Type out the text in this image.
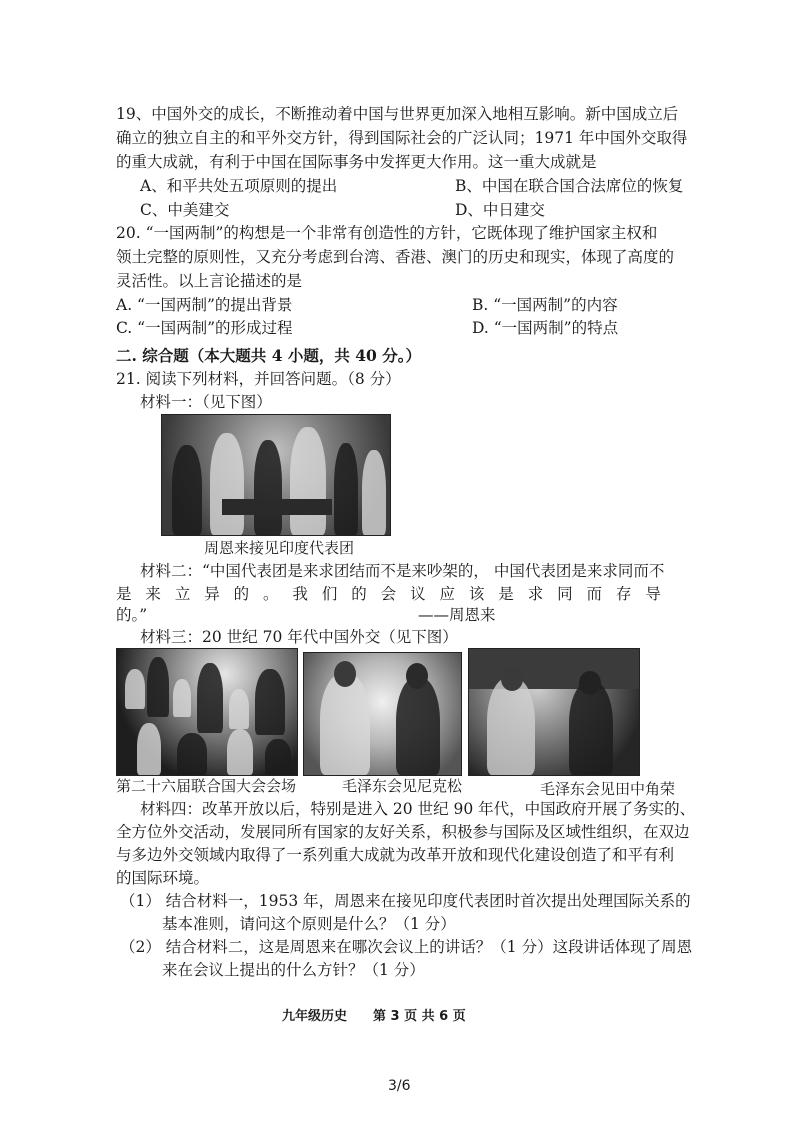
19、中国外交的成长，不断推动着中国与世界更加深入地相互影响。新中国成立后
确立的独立自主的和平外交方针，得到国际社会的广泛认同；1971 年中国外交取得
的重大成就，有利于中国在国际事务中发挥更大作用。这一重大成就是
A、和平共处五项原则的提出	B、中国在联合国合法席位的恢复
C、中美建交	D、中日建交
20. “一国两制”的构想是一个非常有创造性的方针，它既体现了维护国家主权和
领土完整的原则性，又充分考虑到台湾、香港、澳门的历史和现实，体现了高度的
灵活性。以上言论描述的是
A. “一国两制”的提出背景	B. “一国两制”的内容
C. “一国两制”的形成过程	D. “一国两制”的特点
二. 综合题（本大题共 4 小题，共 40 分。）
21. 阅读下列材料，并回答问题。（8 分）
材料一：（见下图）
周恩来接见印度代表团
材料二：“中国代表团是来求团结而不是来吵架的， 中国代表团是来求同而不
是 来 立 异 的 。 我 们 的 会 议 应 该 是 求 同 而 存 导
的。”	——周恩来
材料三：20 世纪 70 年代中国外交（见下图）
第二十六届联合国大会会场	毛泽东会见尼克松	毛泽东会见田中角荣
材料四：改革开放以后，特别是进入 20 世纪 90 年代，中国政府开展了务实的、
全方位外交活动，发展同所有国家的友好关系，积极参与国际及区域性组织，在双边
与多边外交领域内取得了一系列重大成就为改革开放和现代化建设创造了和平有利
的国际环境。
（1） 结合材料一，1953 年，周恩来在接见印度代表团时首次提出处理国际关系的
基本准则，请问这个原则是什么？（1 分）
（2） 结合材料二，这是周恩来在哪次会议上的讲话？（1 分）这段讲话体现了周恩
来在会议上提出的什么方针？（1 分）
九年级历史　　第 3 页 共 6 页
3/6
